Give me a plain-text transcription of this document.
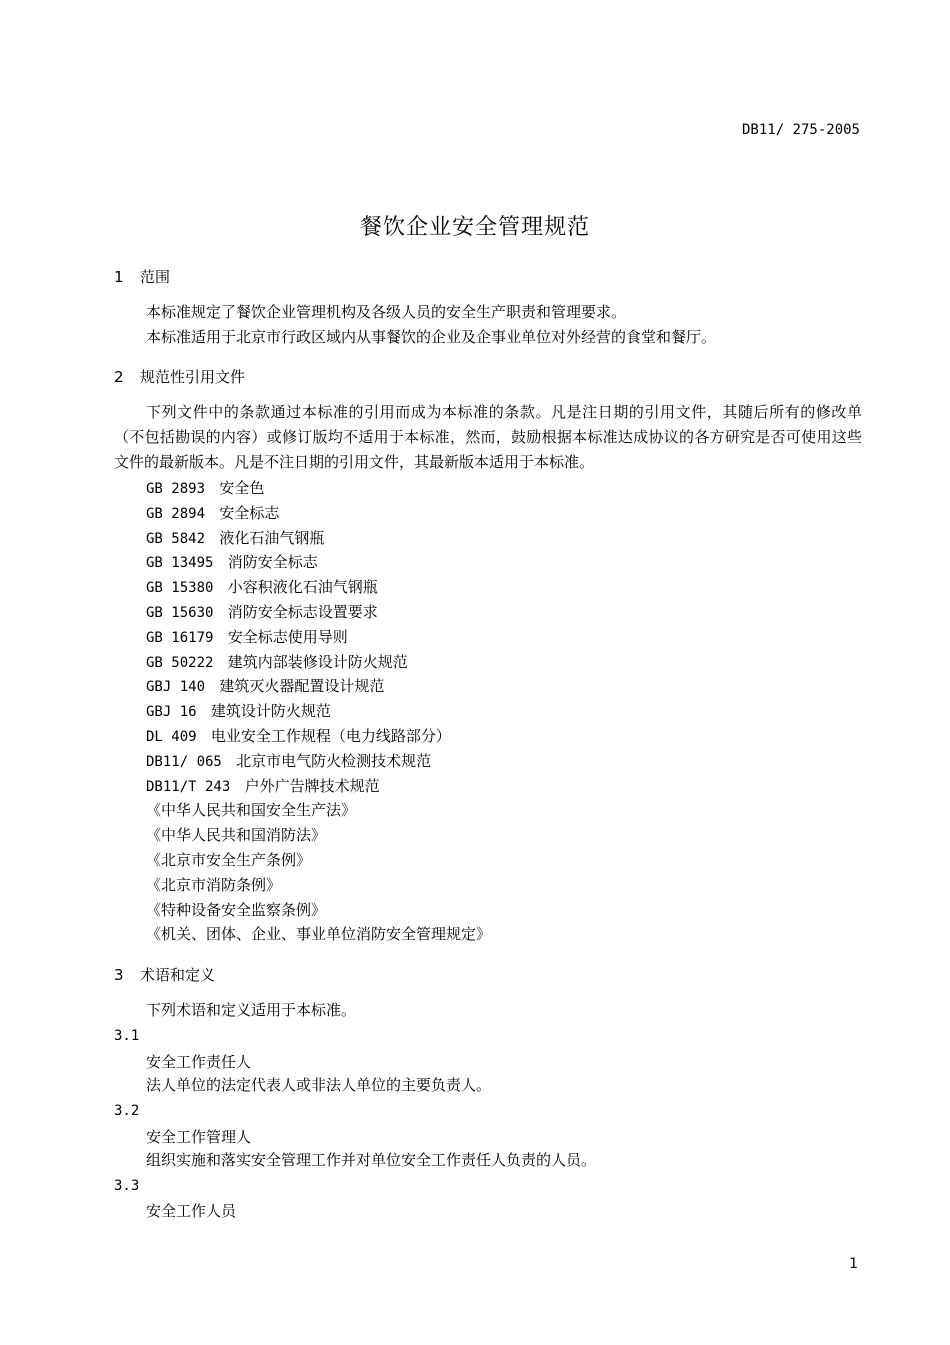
DB11/ 275-2005
餐饮企业安全管理规范
1 范围
本标准规定了餐饮企业管理机构及各级人员的安全生产职责和管理要求。
本标准适用于北京市行政区域内从事餐饮的企业及企事业单位对外经营的食堂和餐厅。
2 规范性引用文件
下列文件中的条款通过本标准的引用而成为本标准的条款。凡是注日期的引用文件，其随后所有的修改单（不包括勘误的内容）或修订版均不适用于本标准，然而，鼓励根据本标准达成协议的各方研究是否可使用这些文件的最新版本。凡是不注日期的引用文件，其最新版本适用于本标准。
GB 2893 安全色
GB 2894 安全标志
GB 5842 液化石油气钢瓶
GB 13495 消防安全标志
GB 15380 小容积液化石油气钢瓶
GB 15630 消防安全标志设置要求
GB 16179 安全标志使用导则
GB 50222 建筑内部装修设计防火规范
GBJ 140 建筑灭火器配置设计规范
GBJ 16 建筑设计防火规范
DL 409 电业安全工作规程（电力线路部分）
DB11/ 065 北京市电气防火检测技术规范
DB11/T 243 户外广告牌技术规范
《中华人民共和国安全生产法》
《中华人民共和国消防法》
《北京市安全生产条例》
《北京市消防条例》
《特种设备安全监察条例》
《机关、团体、企业、事业单位消防安全管理规定》
3 术语和定义
下列术语和定义适用于本标准。
3.1
安全工作责任人
法人单位的法定代表人或非法人单位的主要负责人。
3.2
安全工作管理人
组织实施和落实安全管理工作并对单位安全工作责任人负责的人员。
3.3
安全工作人员
1
